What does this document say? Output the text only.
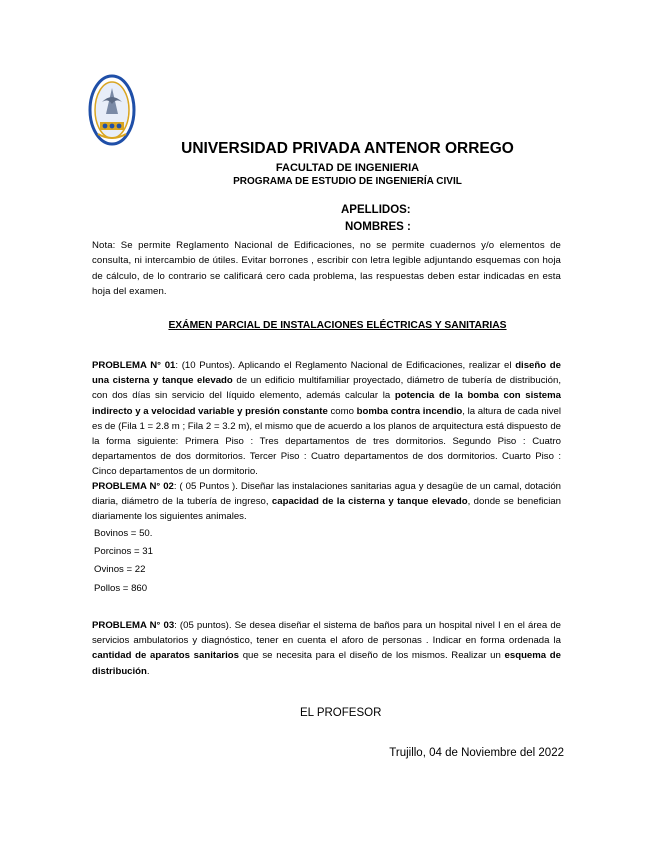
UNIVERSIDAD PRIVADA ANTENOR ORREGO
FACULTAD DE INGENIERIA
PROGRAMA DE ESTUDIO DE INGENIERÍA CIVIL
APELLIDOS:
NOMBRES :
Nota: Se permite Reglamento Nacional de Edificaciones, no se permite cuadernos y/o elementos de consulta, ni intercambio de útiles. Evitar borrones , escribir con letra legible adjuntando esquemas con hoja de cálculo, de lo contrario se calificará cero cada problema, las respuestas deben estar indicadas en esta hoja del examen.
EXÁMEN PARCIAL DE INSTALACIONES ELÉCTRICAS Y SANITARIAS
PROBLEMA N° 01: (10 Puntos). Aplicando el Reglamento Nacional de Edificaciones, realizar el diseño de una cisterna y tanque elevado de un edificio multifamiliar proyectado, diámetro de tubería de distribución, con dos días sin servicio del líquido elemento, además calcular la potencia de la bomba con sistema indirecto y a velocidad variable y presión constante como bomba contra incendio, la altura de cada nivel es de (Fila 1 = 2.8 m ; Fila 2 = 3.2 m), el mismo que de acuerdo a los planos de arquitectura está dispuesto de la forma siguiente: Primera Piso : Tres departamentos de tres dormitorios. Segundo Piso : Cuatro departamentos de dos dormitorios. Tercer Piso : Cuatro departamentos de dos dormitorios. Cuarto Piso : Cinco departamentos de un dormitorio.
PROBLEMA N° 02: ( 05 Puntos ). Diseñar las instalaciones sanitarias agua y desagüe de un camal, dotación diaria, diámetro de la tubería de ingreso, capacidad de la cisterna y tanque elevado, donde se benefician diariamente los siguientes animales.
Bovinos = 50.
Porcinos = 31
Ovinos = 22
Pollos = 860
PROBLEMA N° 03: (05 puntos). Se desea diseñar el sistema de baños para un hospital nivel I en el área de servicios ambulatorios y diagnóstico, tener en cuenta el aforo de personas . Indicar en forma ordenada la cantidad de aparatos sanitarios que se necesita para el diseño de los mismos. Realizar un esquema de distribución.
EL PROFESOR
Trujillo, 04 de Noviembre del 2022
